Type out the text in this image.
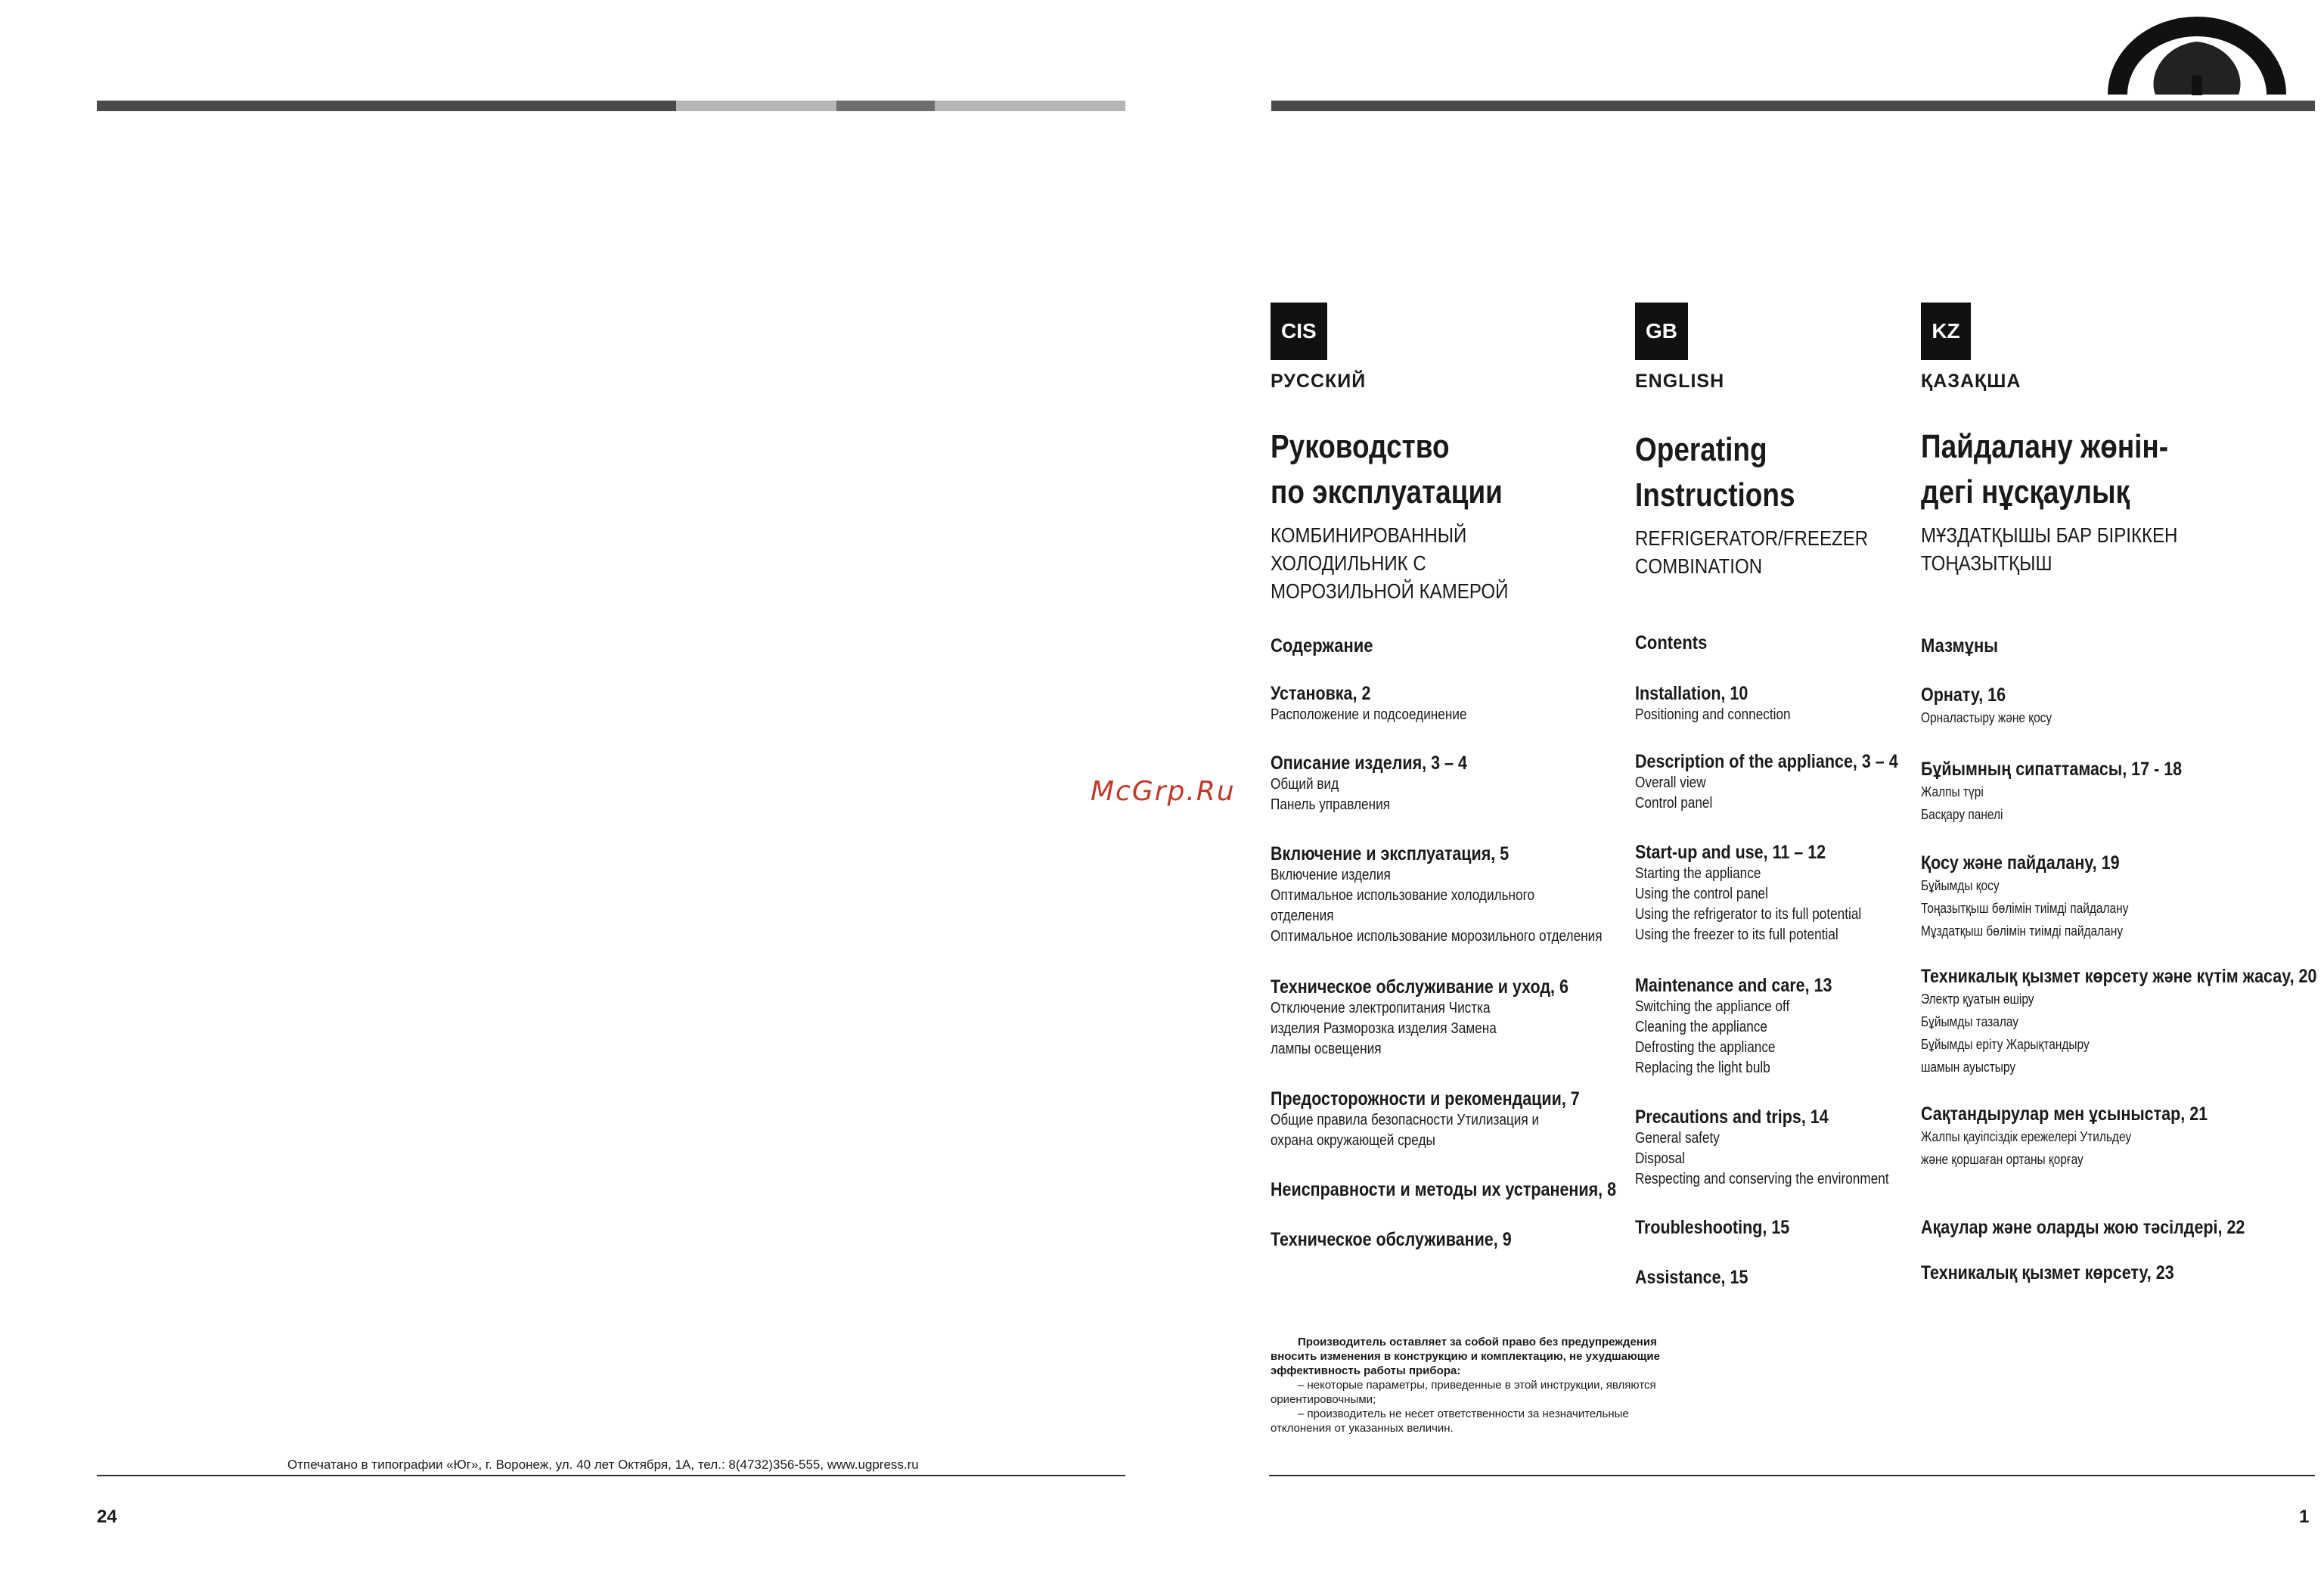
McGrp.Ru
Отпечатано в типографии «Юг», г. Воронеж, ул. 40 лет Октября, 1А, тел.: 8(4732)356-555, www.ugpress.ru
24
CIS
РУССКИЙ
Руководство
по эксплуатации
КОМБИНИРОВАННЫЙ
ХОЛОДИЛЬНИК С
МОРОЗИЛЬНОЙ КАМЕРОЙ
Содержание
Установка, 2
Расположение и подсоединение
Описание изделия, 3 – 4
Общий вид
Панель управления
Включение и эксплуатация, 5
Включение изделия
Оптимальное использование холодильного
отделения
Оптимальное использование морозильного отделения
Техническое обслуживание и уход, 6
Отключение электропитания Чистка
изделия Разморозка изделия Замена
лампы освещения
Предосторожности и рекомендации, 7
Общие правила безопасности Утилизация и
охрана окружающей среды
Неисправности и методы их устранения, 8
Техническое обслуживание, 9
GB
ENGLISH
Operating
Instructions
REFRIGERATOR/FREEZER
COMBINATION
Contents
Installation, 10
Positioning and connection
Description of the appliance, 3 – 4
Overall view
Control panel
Start-up and use, 11 – 12
Starting the appliance
Using the control panel
Using the refrigerator to its full potential
Using the freezer to its full potential
Maintenance and care, 13
Switching the appliance off
Cleaning the appliance
Defrosting the appliance
Replacing the light bulb
Precautions and trips, 14
General safety
Disposal
Respecting and conserving the environment
Troubleshooting, 15
Assistance, 15
KZ
ҚАЗАҚША
Пайдалану жөнін-
дегі нұсқаулық
МҰЗДАТҚЫШЫ БАР БІРІККЕН
ТОҢАЗЫТҚЫШ
Мазмұны
Орнату, 16
Орналастыру және қосу
Бұйымның сипаттамасы, 17 - 18
Жалпы түрі
Басқару панелі
Қосу және пайдалану, 19
Бұйымды қосу
Тоңазытқыш бөлімін тиімді пайдалану
Мұздатқыш бөлімін тиімді пайдалану
Техникалық қызмет көрсету және күтім жасау, 20
Электр қуатын өшіру
Бұйымды тазалау
Бұйымды еріту Жарықтандыру
шамын ауыстыру
Сақтандырулар мен ұсыныстар, 21
Жалпы қауіпсіздік ережелері Утильдеу
және қоршаған ортаны қорғау
Ақаулар және оларды жою тәсілдері, 22
Техникалық қызмет көрсету, 23

Производитель оставляет за собой право без предупреждения

вносить изменения в конструкцию и комплектацию, не ухудшающие

эффективность работы прибора:

– некоторые параметры, приведенные в этой инструкции, являются

ориентировочными;

– производитель не несет ответственности за незначительные

отклонения от указанных величин.

1
